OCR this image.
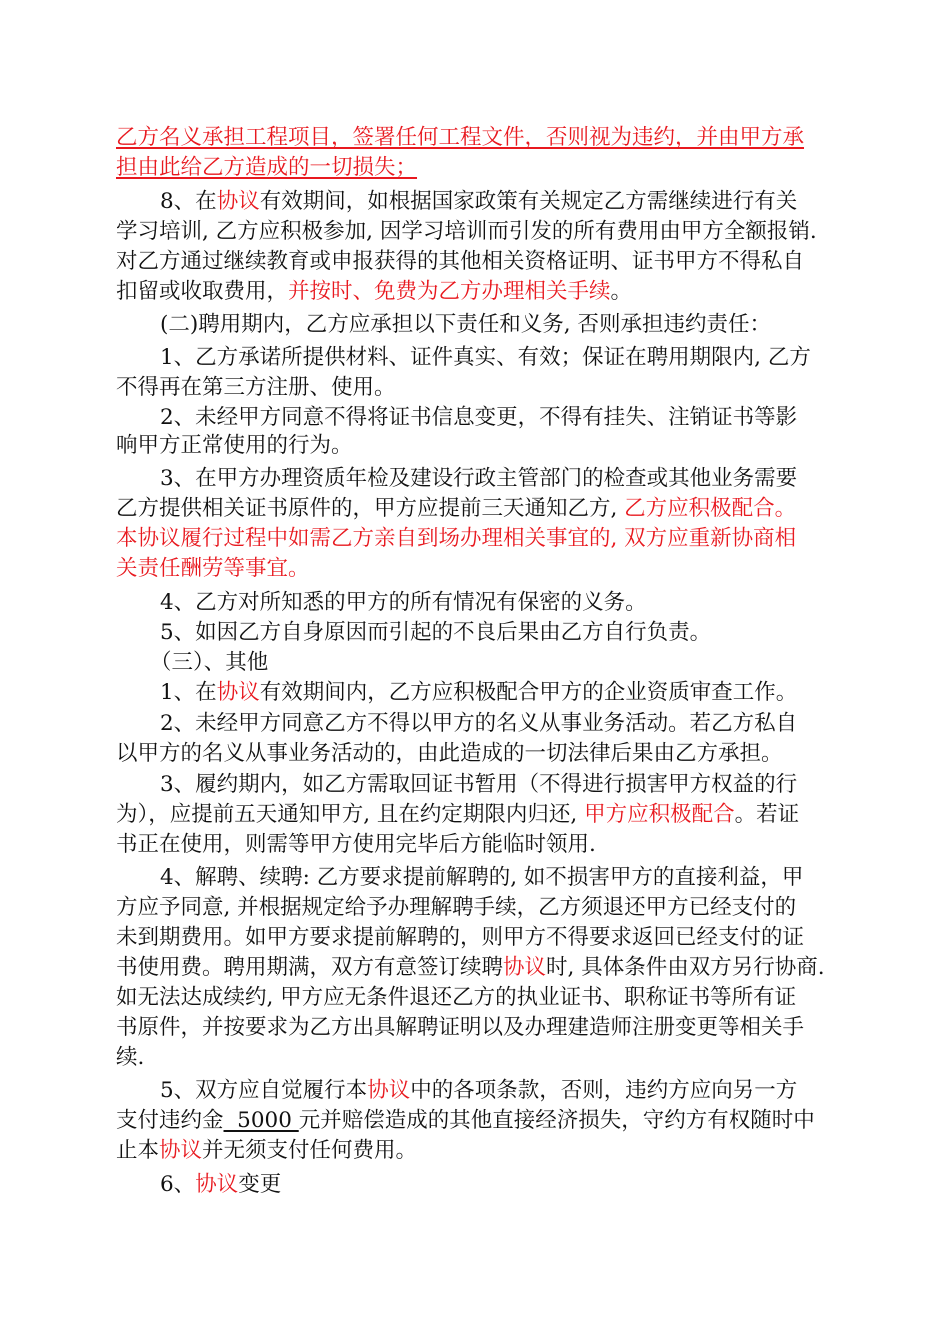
乙方名义承担工程项目，签署任何工程文件，否则视为违约，并由甲方承
担由此给乙方造成的一切损失；
8、在协议有效期间，如根据国家政策有关规定乙方需继续进行有关
学习培训, 乙方应积极参加, 因学习培训而引发的所有费用由甲方全额报销.
对乙方通过继续教育或申报获得的其他相关资格证明、证书甲方不得私自
扣留或收取费用，并按时、免费为乙方办理相关手续。
(二)聘用期内，乙方应承担以下责任和义务, 否则承担违约责任：
1、乙方承诺所提供材料、证件真实、有效；保证在聘用期限内, 乙方
不得再在第三方注册、使用。
2、未经甲方同意不得将证书信息变更，不得有挂失、注销证书等影
响甲方正常使用的行为。
3、在甲方办理资质年检及建设行政主管部门的检查或其他业务需要
乙方提供相关证书原件的，甲方应提前三天通知乙方, 乙方应积极配合。
本协议履行过程中如需乙方亲自到场办理相关事宜的, 双方应重新协商相
关责任酬劳等事宜。
4、乙方对所知悉的甲方的所有情况有保密的义务。
5、如因乙方自身原因而引起的不良后果由乙方自行负责。
（三）、其他
1、在协议有效期间内，乙方应积极配合甲方的企业资质审查工作。
2、未经甲方同意乙方不得以甲方的名义从事业务活动。若乙方私自
以甲方的名义从事业务活动的，由此造成的一切法律后果由乙方承担。
3、履约期内，如乙方需取回证书暂用（不得进行损害甲方权益的行
为），应提前五天通知甲方, 且在约定期限内归还, 甲方应积极配合。若证
书正在使用，则需等甲方使用完毕后方能临时领用.
4、解聘、续聘: 乙方要求提前解聘的, 如不损害甲方的直接利益，甲
方应予同意, 并根据规定给予办理解聘手续，乙方须退还甲方已经支付的
未到期费用。如甲方要求提前解聘的，则甲方不得要求返回已经支付的证
书使用费。聘用期满，双方有意签订续聘协议时, 具体条件由双方另行协商.
如无法达成续约, 甲方应无条件退还乙方的执业证书、职称证书等所有证
书原件，并按要求为乙方出具解聘证明以及办理建造师注册变更等相关手
续.
5、双方应自觉履行本协议中的各项条款，否则，违约方应向另一方
支付违约金  5000 元并赔偿造成的其他直接经济损失，守约方有权随时中
止本协议并无须支付任何费用。
6、协议变更
